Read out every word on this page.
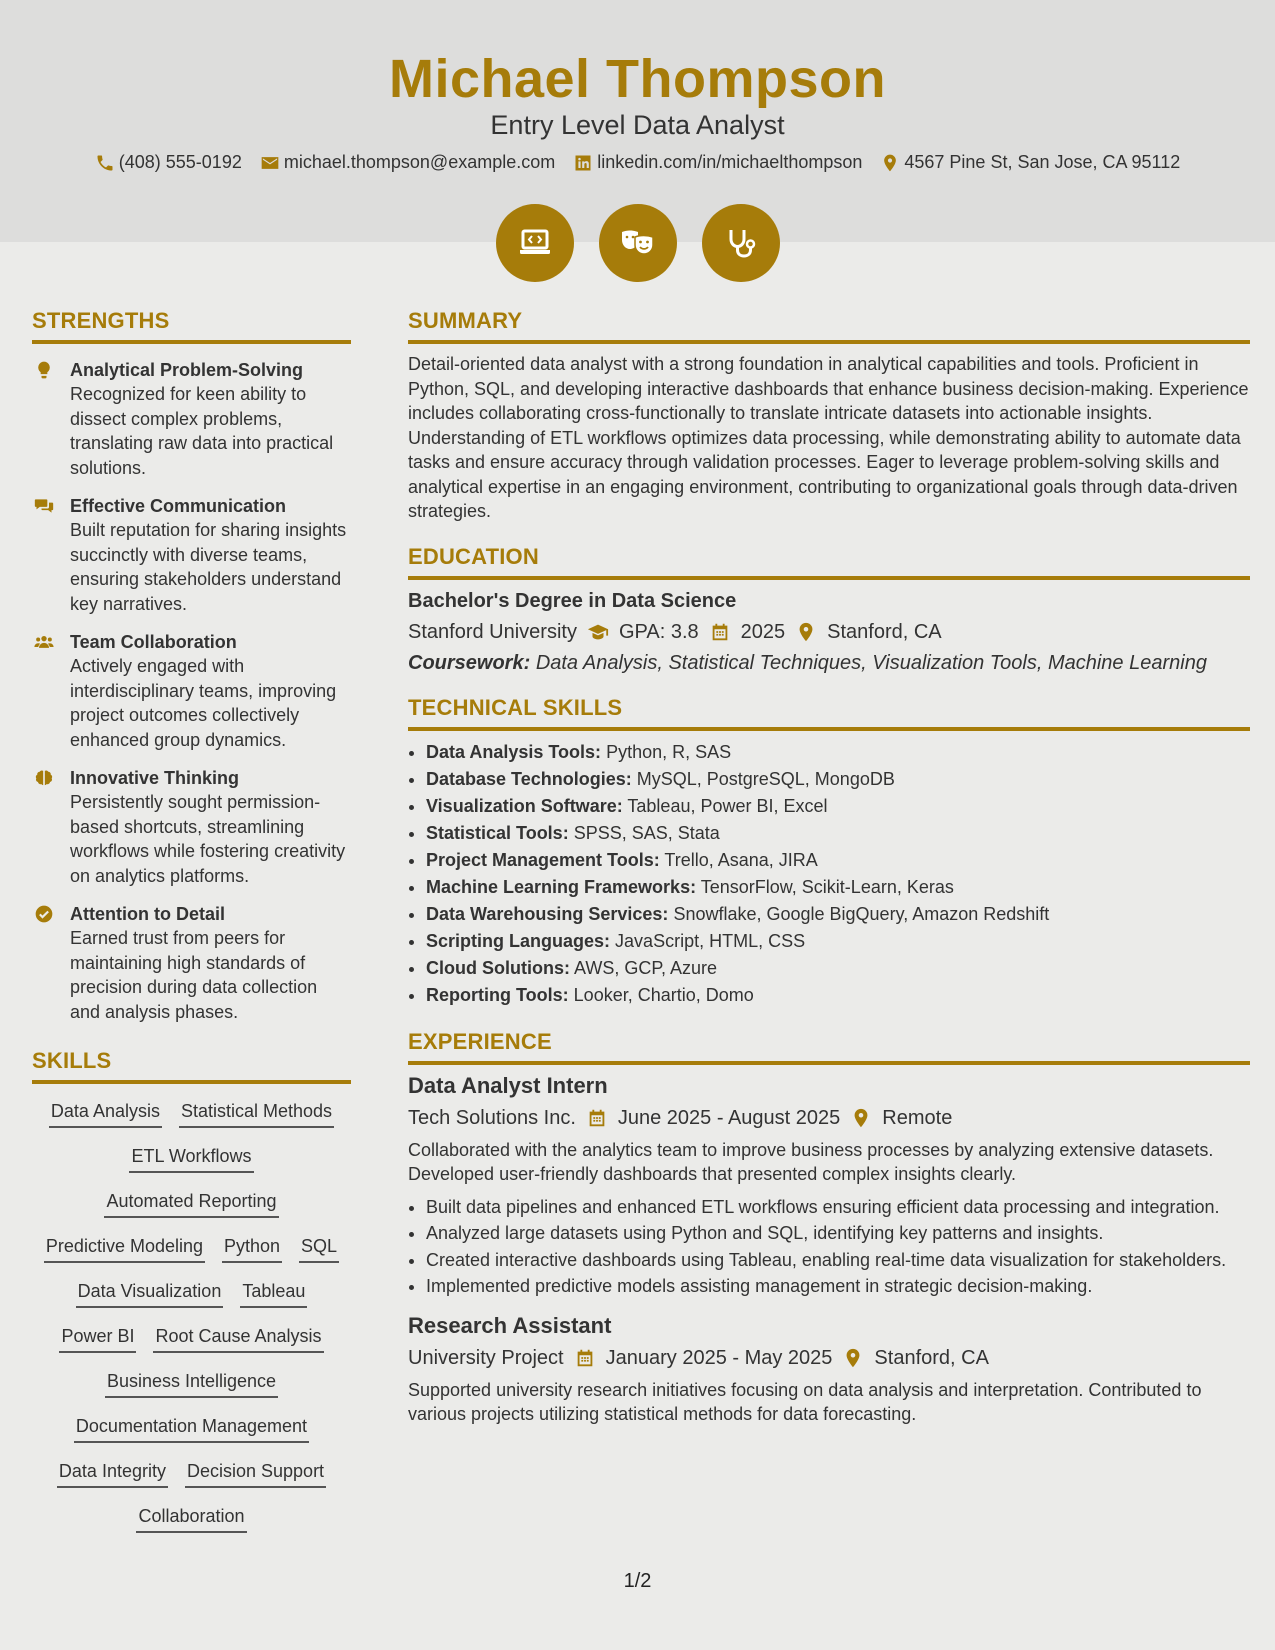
Michael Thompson
Entry Level Data Analyst
(408) 555-0192 michael.thompson@example.com linkedin.com/in/michaelthompson 4567 Pine St, San Jose, CA 95112
STRENGTHS
Analytical Problem-Solving
Recognized for keen ability to dissect complex problems, translating raw data into practical solutions.
Effective Communication
Built reputation for sharing insights succinctly with diverse teams, ensuring stakeholders understand key narratives.
Team Collaboration
Actively engaged with interdisciplinary teams, improving project outcomes collectively enhanced group dynamics.
Innovative Thinking
Persistently sought permission-based shortcuts, streamlining workflows while fostering creativity on analytics platforms.
Attention to Detail
Earned trust from peers for maintaining high standards of precision during data collection and analysis phases.
SKILLS
Data Analysis Statistical Methods
ETL Workflows
Automated Reporting
Predictive Modeling Python SQL
Data Visualization Tableau
Power BI Root Cause Analysis
Business Intelligence
Documentation Management
Data Integrity Decision Support
Collaboration
SUMMARY
Detail-oriented data analyst with a strong foundation in analytical capabilities and tools. Proficient in Python, SQL, and developing interactive dashboards that enhance business decision-making. Experience includes collaborating cross-functionally to translate intricate datasets into actionable insights. Understanding of ETL workflows optimizes data processing, while demonstrating ability to automate data tasks and ensure accuracy through validation processes. Eager to leverage problem-solving skills and analytical expertise in an engaging environment, contributing to organizational goals through data-driven strategies.
EDUCATION
Bachelor's Degree in Data Science
Stanford University GPA: 3.8 2025 Stanford, CA
Coursework: Data Analysis, Statistical Techniques, Visualization Tools, Machine Learning
TECHNICAL SKILLS
• Data Analysis Tools: Python, R, SAS
• Database Technologies: MySQL, PostgreSQL, MongoDB
• Visualization Software: Tableau, Power BI, Excel
• Statistical Tools: SPSS, SAS, Stata
• Project Management Tools: Trello, Asana, JIRA
• Machine Learning Frameworks: TensorFlow, Scikit-Learn, Keras
• Data Warehousing Services: Snowflake, Google BigQuery, Amazon Redshift
• Scripting Languages: JavaScript, HTML, CSS
• Cloud Solutions: AWS, GCP, Azure
• Reporting Tools: Looker, Chartio, Domo
EXPERIENCE
Data Analyst Intern
Tech Solutions Inc. June 2025 - August 2025 Remote
Collaborated with the analytics team to improve business processes by analyzing extensive datasets. Developed user-friendly dashboards that presented complex insights clearly.
• Built data pipelines and enhanced ETL workflows ensuring efficient data processing and integration.
• Analyzed large datasets using Python and SQL, identifying key patterns and insights.
• Created interactive dashboards using Tableau, enabling real-time data visualization for stakeholders.
• Implemented predictive models assisting management in strategic decision-making.
Research Assistant
University Project January 2025 - May 2025 Stanford, CA
Supported university research initiatives focusing on data analysis and interpretation. Contributed to various projects utilizing statistical methods for data forecasting.
1/2
